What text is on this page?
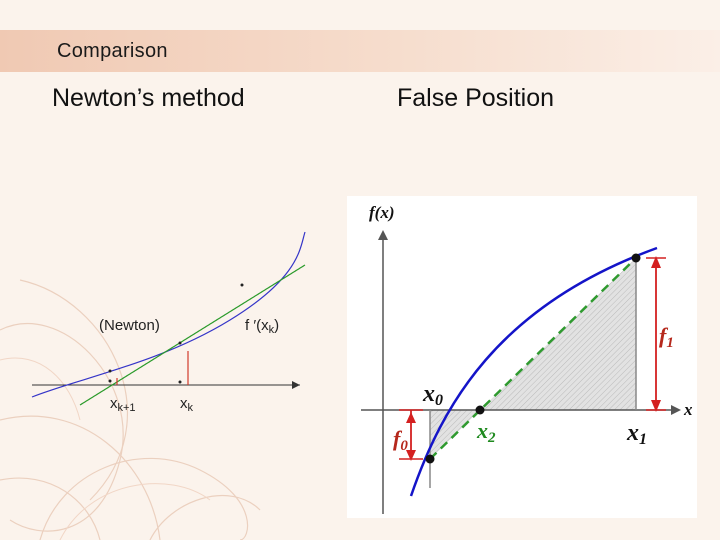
Comparison
Newton’s method	False Position
(Newton)	f $'(x_k)$
$x_{k+1}$	$x_k$
f(x)
x
x0
x1
x2
f1
f0
